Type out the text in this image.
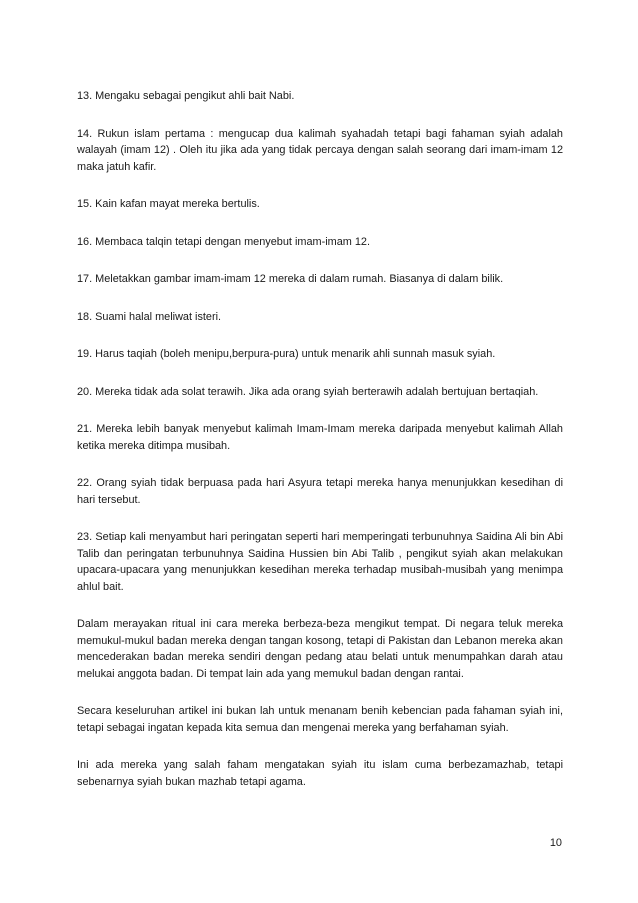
13. Mengaku sebagai pengikut ahli bait Nabi.

14. Rukun islam pertama : mengucap dua kalimah syahadah tetapi bagi fahaman syiah adalah walayah (imam 12) . Oleh itu jika ada yang tidak percaya dengan salah seorang dari imam-imam 12 maka jatuh kafir.

15. Kain kafan mayat mereka bertulis.

16. Membaca talqin tetapi dengan menyebut imam-imam 12.

17. Meletakkan gambar imam-imam 12 mereka di dalam rumah. Biasanya di dalam bilik.

18. Suami halal meliwat isteri.

19. Harus taqiah (boleh menipu,berpura-pura) untuk menarik ahli sunnah masuk syiah.

20. Mereka tidak ada solat terawih. Jika ada orang syiah berterawih adalah bertujuan bertaqiah.

21. Mereka lebih banyak menyebut kalimah Imam-Imam mereka daripada menyebut kalimah Allah ketika mereka ditimpa musibah.

22. Orang syiah tidak berpuasa pada hari Asyura tetapi mereka hanya menunjukkan kesedihan di hari tersebut.

23. Setiap kali menyambut hari peringatan seperti hari memperingati terbunuhnya Saidina Ali bin Abi Talib dan peringatan terbunuhnya Saidina Hussien bin Abi Talib , pengikut syiah akan melakukan upacara-upacara yang menunjukkan kesedihan mereka terhadap musibah-musibah yang menimpa ahlul bait.

Dalam merayakan ritual ini cara mereka berbeza-beza mengikut tempat. Di negara teluk mereka memukul-mukul badan mereka dengan tangan kosong, tetapi di Pakistan dan Lebanon mereka akan mencederakan badan mereka sendiri dengan pedang atau belati untuk menumpahkan darah atau melukai anggota badan. Di tempat lain ada yang memukul badan dengan rantai.

Secara keseluruhan artikel ini bukan lah untuk menanam benih kebencian pada fahaman syiah ini, tetapi sebagai ingatan kepada kita semua dan mengenai mereka yang berfahaman syiah.

Ini ada mereka yang salah faham mengatakan syiah itu islam cuma berbezamazhab, tetapi sebenarnya syiah bukan mazhab tetapi agama.

10
